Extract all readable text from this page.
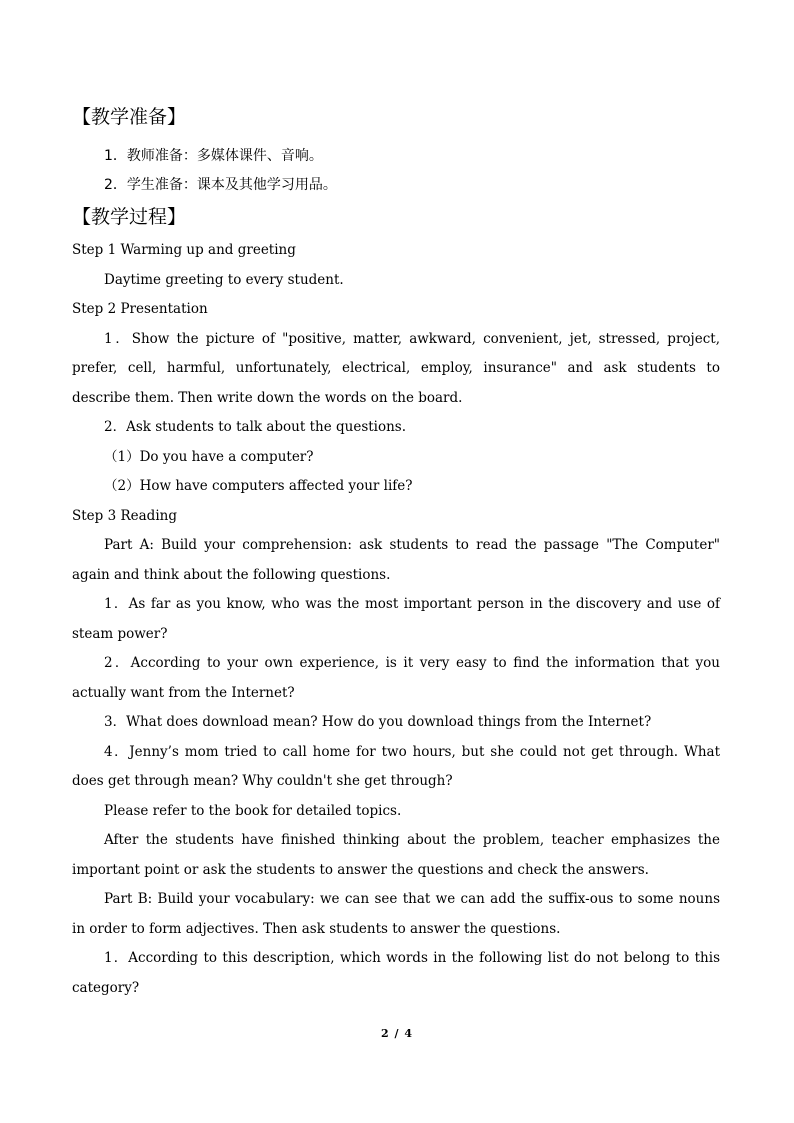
【教学准备】

1．教师准备：多媒体课件、音响。

2．学生准备：课本及其他学习用品。

【教学过程】

Step 1 Warming up and greeting

Daytime greeting to every student.

Step 2 Presentation

1．Show the picture of "positive, matter, awkward, convenient, jet, stressed, project, prefer, cell, harmful, unfortunately, electrical, employ, insurance" and ask students to describe them. Then write down the words on the board.

2．Ask students to talk about the questions.

（1）Do you have a computer?

（2）How have computers affected your life?

Step 3 Reading

Part A: Build your comprehension: ask students to read the passage "The Computer" again and think about the following questions.

1．As far as you know, who was the most important person in the discovery and use of steam power?

2．According to your own experience, is it very easy to find the information that you actually want from the Internet?

3．What does download mean? How do you download things from the Internet?

4．Jenny’s mom tried to call home for two hours, but she could not get through. What does get through mean? Why couldn't she get through?

Please refer to the book for detailed topics.

After the students have finished thinking about the problem, teacher emphasizes the important point or ask the students to answer the questions and check the answers.

Part B: Build your vocabulary: we can see that we can add the suffix-ous to some nouns in order to form adjectives. Then ask students to answer the questions.

1．According to this description, which words in the following list do not belong to this category?

2 / 4
